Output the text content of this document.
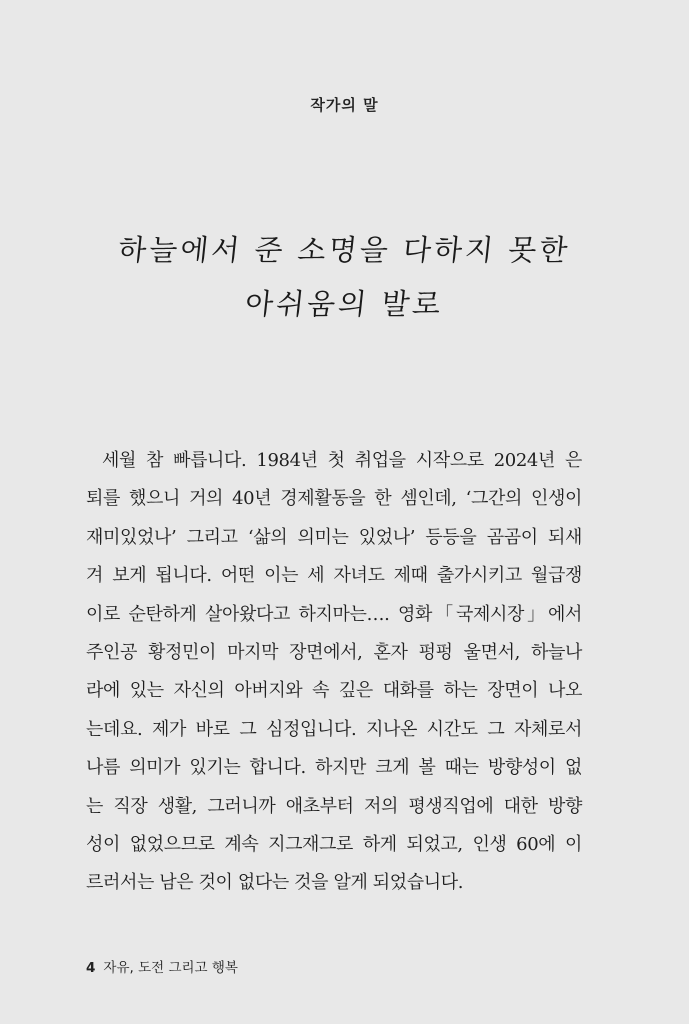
작가의 말
하늘에서 준 소명을 다하지 못한
아쉬움의 발로
세월 참 빠릅니다. 1984년 첫 취업을 시작으로 2024년 은
퇴를 했으니 거의 40년 경제활동을 한 셈인데, ‘그간의 인생이
재미있었나’ 그리고 ‘삶의 의미는 있었나’ 등등을 곰곰이 되새
겨 보게 됩니다. 어떤 이는 세 자녀도 제때 출가시키고 월급쟁
이로 순탄하게 살아왔다고 하지마는…. 영화「국제시장」에서
주인공 황정민이 마지막 장면에서, 혼자 펑펑 울면서, 하늘나
라에 있는 자신의 아버지와 속 깊은 대화를 하는 장면이 나오
는데요. 제가 바로 그 심정입니다. 지나온 시간도 그 자체로서
나름 의미가 있기는 합니다. 하지만 크게 볼 때는 방향성이 없
는 직장 생활, 그러니까 애초부터 저의 평생직업에 대한 방향
성이 없었으므로 계속 지그재그로 하게 되었고, 인생 60에 이
르러서는 남은 것이 없다는 것을 알게 되었습니다.
4 자유, 도전 그리고 행복
